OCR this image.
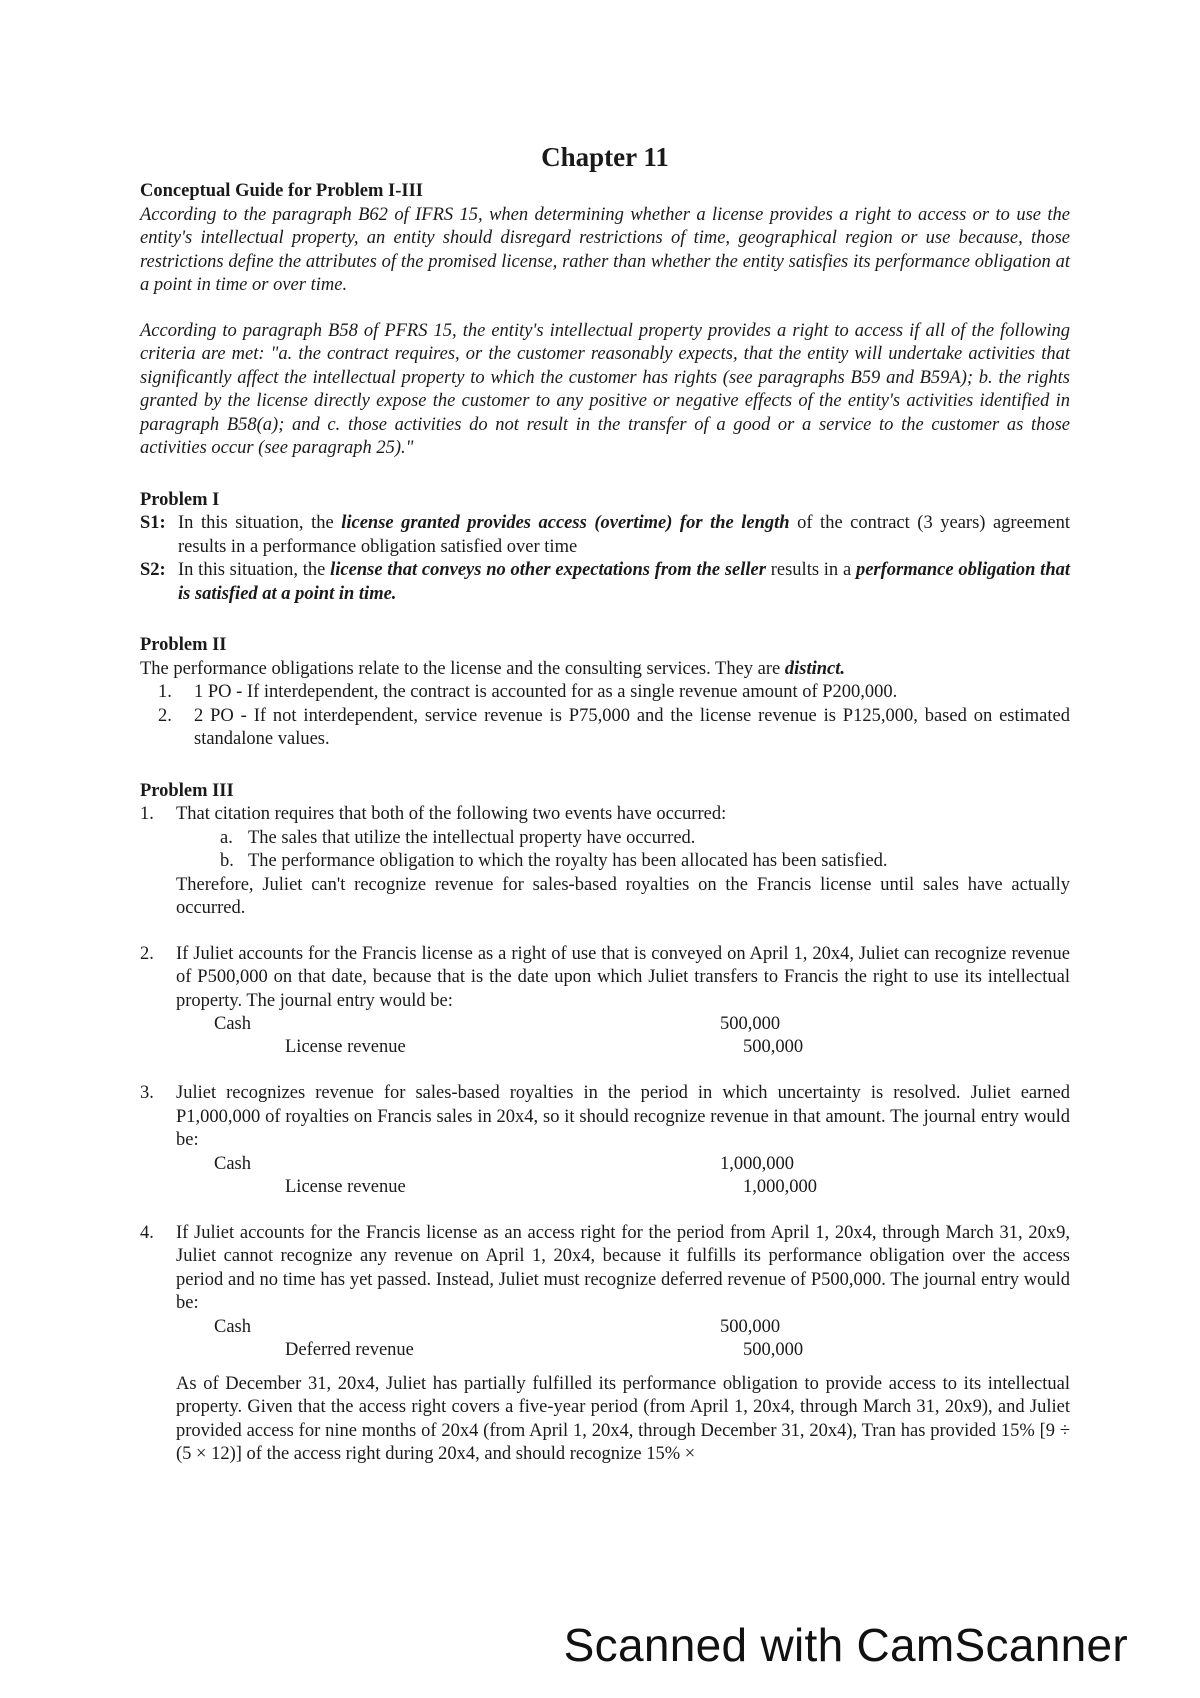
Chapter 11

Conceptual Guide for Problem I-III

According to the paragraph B62 of IFRS 15, when determining whether a license provides a right to access or to use the entity's intellectual property, an entity should disregard restrictions of time, geographical region or use because, those restrictions define the attributes of the promised license, rather than whether the entity satisfies its performance obligation at a point in time or over time.

According to paragraph B58 of PFRS 15, the entity's intellectual property provides a right to access if all of the following criteria are met: "a. the contract requires, or the customer reasonably expects, that the entity will undertake activities that significantly affect the intellectual property to which the customer has rights (see paragraphs B59 and B59A); b. the rights granted by the license directly expose the customer to any positive or negative effects of the entity's activities identified in paragraph B58(a); and c. those activities do not result in the transfer of a good or a service to the customer as those activities occur (see paragraph 25)."

Problem I

S1: In this situation, the license granted provides access (overtime) for the length of the contract (3 years) agreement results in a performance obligation satisfied over time
S2: In this situation, the license that conveys no other expectations from the seller results in a performance obligation that is satisfied at a point in time.

Problem II

The performance obligations relate to the license and the consulting services. They are distinct.

1.	1 PO - If interdependent, the contract is accounted for as a single revenue amount of P200,000.
2.	2 PO - If not interdependent, service revenue is P75,000 and the license revenue is P125,000, based on estimated standalone values.

Problem III

1.	That citation requires that both of the following two events have occurred:
a. The sales that utilize the intellectual property have occurred.
b. The performance obligation to which the royalty has been allocated has been satisfied.

Therefore, Juliet can't recognize revenue for sales-based royalties on the Francis license until sales have actually occurred.

2.	If Juliet accounts for the Francis license as a right of use that is conveyed on April 1, 20x4, Juliet can recognize revenue of P500,000 on that date, because that is the date upon which Juliet transfers to Francis the right to use its intellectual property. The journal entry would be:
Cash	500,000
License revenue	500,000
3.	Juliet recognizes revenue for sales-based royalties in the period in which uncertainty is resolved. Juliet earned P1,000,000 of royalties on Francis sales in 20x4, so it should recognize revenue in that amount. The journal entry would be:
Cash	1,000,000
License revenue	1,000,000
4.	If Juliet accounts for the Francis license as an access right for the period from April 1, 20x4, through March 31, 20x9, Juliet cannot recognize any revenue on April 1, 20x4, because it fulfills its performance obligation over the access period and no time has yet passed. Instead, Juliet must recognize deferred revenue of P500,000. The journal entry would be:
Cash	500,000
Deferred revenue	500,000

As of December 31, 20x4, Juliet has partially fulfilled its performance obligation to provide access to its intellectual property. Given that the access right covers a five-year period (from April 1, 20x4, through March 31, 20x9), and Juliet provided access for nine months of 20x4 (from April 1, 20x4, through December 31, 20x4), Tran has provided 15% [9 ÷ (5 × 12)] of the access right during 20x4, and should recognize 15% ×

Scanned with CamScanner
